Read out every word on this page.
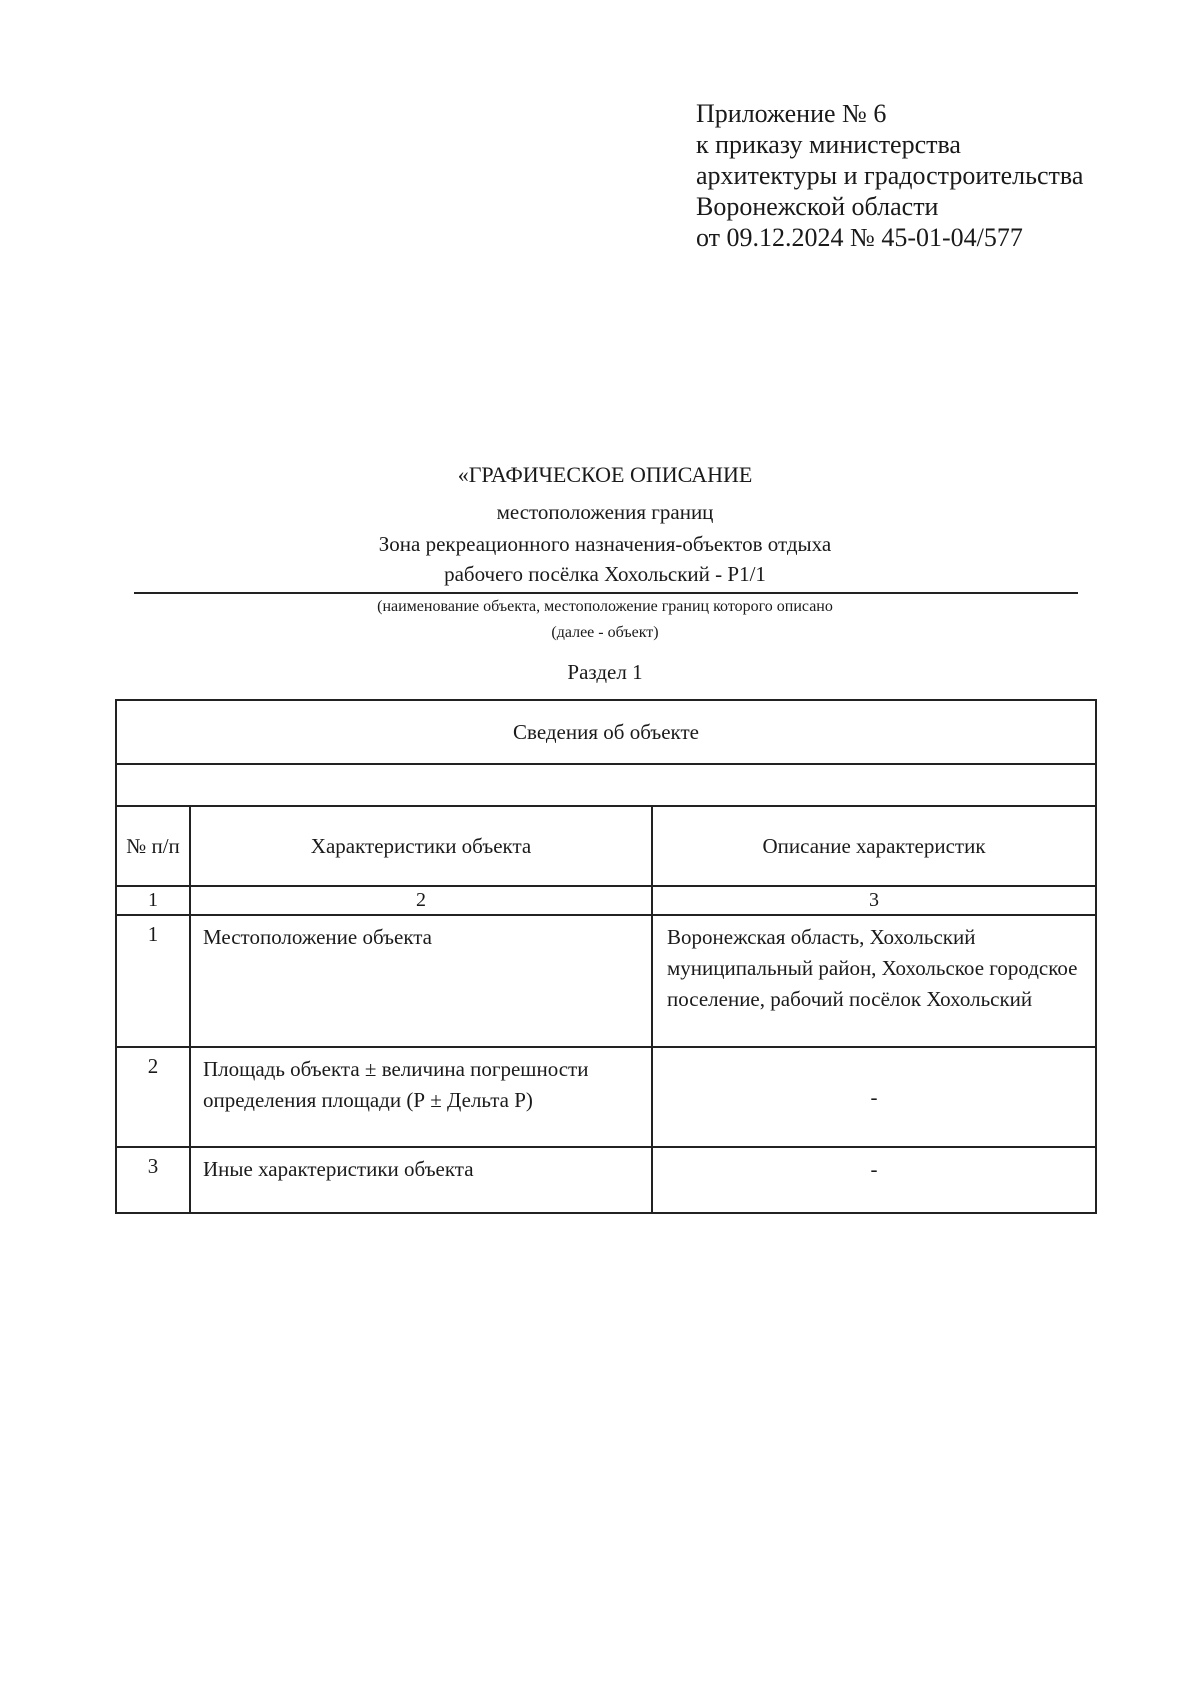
Приложение № 6
к приказу министерства
архитектуры и градостроительства
Воронежской области
от 09.12.2024 № 45-01-04/577
«ГРАФИЧЕСКОЕ ОПИСАНИЕ
местоположения границ
Зона рекреационного назначения-объектов отдыха
рабочего посёлка Хохольский - Р1/1
(наименование объекта, местоположение границ которого описано
(далее - объект)
Раздел 1
Сведения об объекте		

№ п/п	Характеристики объекта	Описание характеристик
1	2	3
1	Местоположение объекта	Воронежская область, Хохольский муниципальный район, Хохольское городское поселение, рабочий посёлок Хохольский
2	Площадь объекта ± величина погрешности определения площади (Р ± Дельта Р)	-
3	Иные характеристики объекта	-
